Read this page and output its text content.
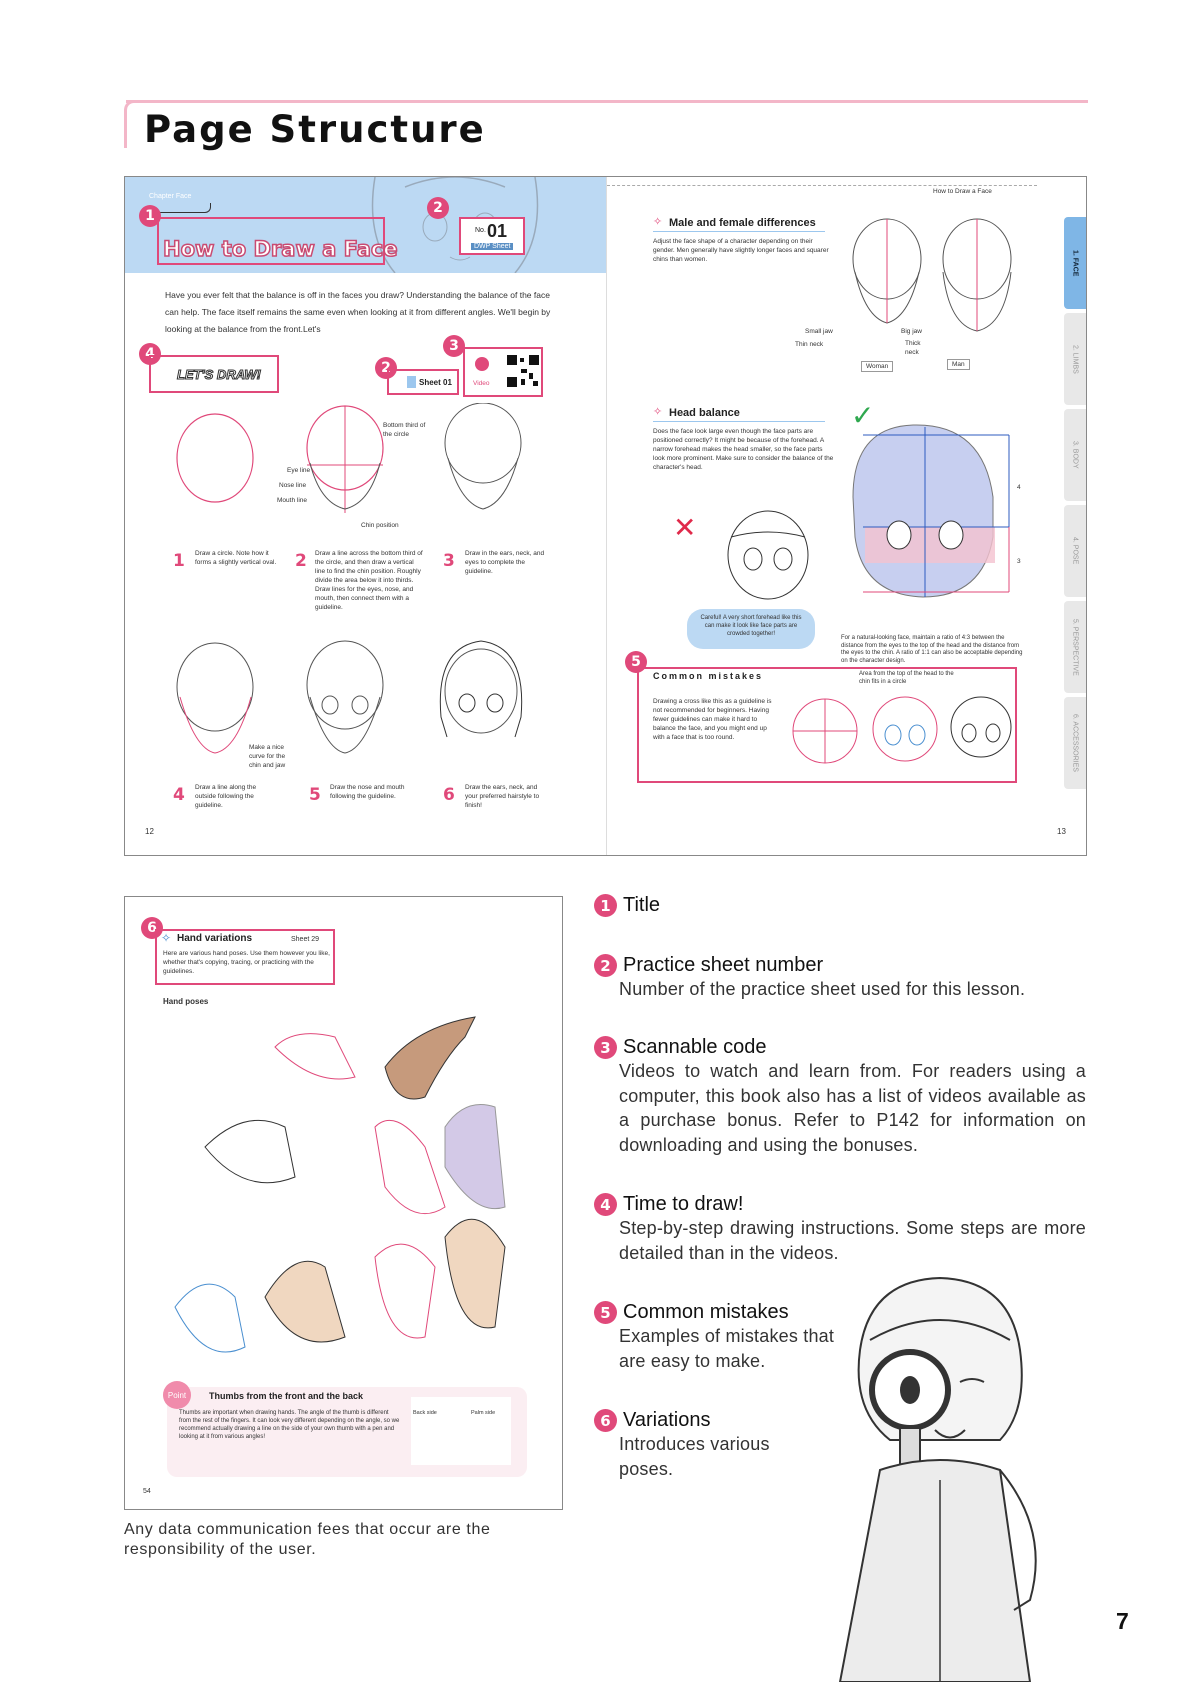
Page Structure
Chapter Face
1
How to Draw a Face
2
No. 01
DWP Sheet
Have you ever felt that the balance is off in the faces you draw? Understanding the balance of the face can help. The face itself remains the same even when looking at it from different angles. We'll begin by looking at the balance from the front.Let's
4
LET'S DRAW!	2
Sheet 01
3
Video
Bottom third of the circle
Eye line
Nose line
Mouth line
Chin position
1 Draw a circle. Note how it forms a slightly vertical oval. 2 Draw a line across the bottom third of the circle, and then draw a vertical line to find the chin position. Roughly divide the area below it into thirds. Draw lines for the eyes, nose, and mouth, then connect them with a guideline.
3 Draw in the ears, neck, and eyes to complete the guideline.
Make a nice curve for the chin and jaw
4 Draw a line along the outside following the guideline.
5 Draw the nose and mouth following the guideline.	6 Draw the ears, neck, and your preferred hairstyle to finish!
12
How to Draw a Face
✧ Male and female differences
Adjust the face shape of a character depending on their gender. Men generally have slightly longer faces and squarer chins than women.
Small jaw
Thin neck
Big jaw
Thick neck
Woman	Man
✧ Head balance
Does the face look large even though the face parts are positioned correctly? It might be because of the forehead. A narrow forehead makes the head smaller, so the face parts look more prominent. Make sure to consider the balance of the character's head.
✕
✓
Careful! A very short forehead like this can make it look like face parts are crowded together!
4
3
For a natural-looking face, maintain a ratio of 4:3 between the distance from the eyes to the top of the head and the distance from the eyes to the chin. A ratio of 1:1 can also be acceptable depending on the character design.
5
Common mistakes
Drawing a cross like this as a guideline is not recommended for beginners. Having fewer guidelines can make it hard to balance the face, and you might end up with a face that is too round.
Area from the top of the head to the chin fits in a circle
13
1. FACE
2. LIMBS
3. BODY
4. POSE
5. PERSPECTIVE
6. ACCESSORIES
6
✧ Hand variations	Sheet 29
Here are various hand poses. Use them however you like, whether that's copying, tracing, or practicing with the guidelines.
Hand poses
Point	Thumbs from the front and the back
Thumbs are important when drawing hands. The angle of the thumb is different from the rest of the fingers. It can look very different depending on the angle, so we recommend actually drawing a line on the side of your own thumb with a pen and looking at it from various angles!
Back side	Palm side
54
Any data communication fees that occur are the responsibility of the user.
1 Title
2 Practice sheet number
Number of the practice sheet used for this lesson.
3 Scannable code
Videos to watch and learn from. For readers using a computer, this book also has a list of videos available as a purchase bonus. Refer to P142 for information on downloading and using the bonuses.
4 Time to draw!
Step-by-step drawing instructions. Some steps are more detailed than in the videos.
5 Common mistakes
Examples of mistakes that are easy to make.
6 Variations
Introduces various poses.
7
